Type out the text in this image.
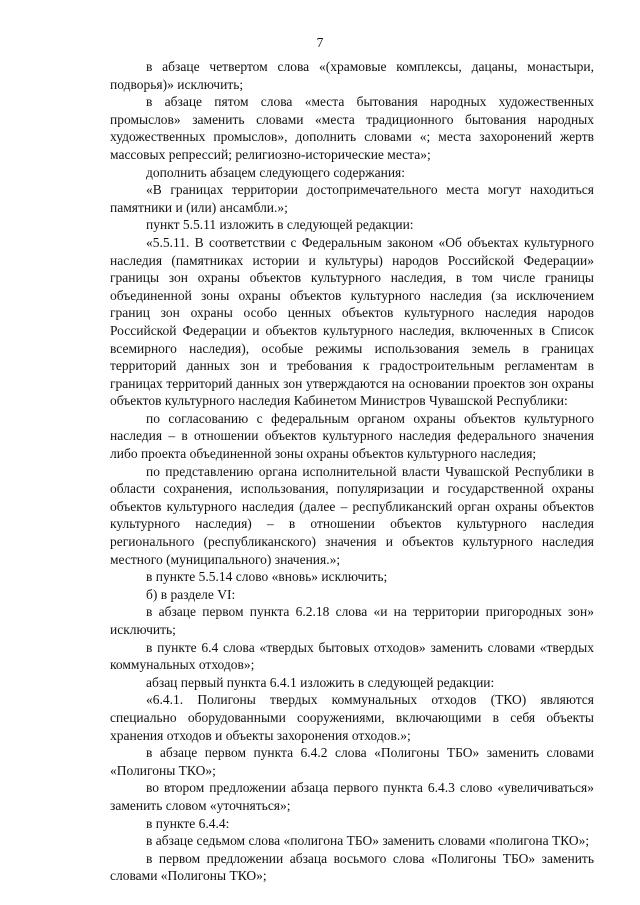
7

в абзаце четвертом слова «(храмовые комплексы, дацаны, монастыри, подворья)» исключить;

в абзаце пятом слова «места бытования народных художественных промыслов» заменить словами «места традиционного бытования народных художественных промыслов», дополнить словами «; места захоронений жертв массовых репрессий; религиозно-исторические места»;

дополнить абзацем следующего содержания:

«В границах территории достопримечательного места могут находиться памятники и (или) ансамбли.»;

пункт 5.5.11 изложить в следующей редакции:

«5.5.11. В соответствии с Федеральным законом «Об объектах культурного наследия (памятниках истории и культуры) народов Российской Федерации» границы зон охраны объектов культурного наследия, в том числе границы объединенной зоны охраны объектов культурного наследия (за исключением границ зон охраны особо ценных объектов культурного наследия народов Российской Федерации и объектов культурного наследия, включенных в Список всемирного наследия), особые режимы использования земель в границах территорий данных зон и требования к градостроительным регламентам в границах территорий данных зон утверждаются на основании проектов зон охраны объектов культурного наследия Кабинетом Министров Чувашской Республики:

по согласованию с федеральным органом охраны объектов культурного наследия – в отношении объектов культурного наследия федерального значения либо проекта объединенной зоны охраны объектов культурного наследия;

по представлению органа исполнительной власти Чувашской Республики в области сохранения, использования, популяризации и государственной охраны объектов культурного наследия (далее – республиканский орган охраны объектов культурного наследия) – в отношении объектов культурного наследия регионального (республиканского) значения и объектов культурного наследия местного (муниципального) значения.»;

в пункте 5.5.14 слово «вновь» исключить;

б) в разделе VI:

в абзаце первом пункта 6.2.18 слова «и на территории пригородных зон» исключить;

в пункте 6.4 слова «твердых бытовых отходов» заменить словами «твердых коммунальных отходов»;

абзац первый пункта 6.4.1 изложить в следующей редакции:

«6.4.1. Полигоны твердых коммунальных отходов (ТКО) являются специально оборудованными сооружениями, включающими в себя объекты хранения отходов и объекты захоронения отходов.»;

в абзаце первом пункта 6.4.2 слова «Полигоны ТБО» заменить словами «Полигоны ТКО»;

во втором предложении абзаца первого пункта 6.4.3 слово «увеличиваться» заменить словом «уточняться»;

в пункте 6.4.4:

в абзаце седьмом слова «полигона ТБО» заменить словами «полигона ТКО»;

в первом предложении абзаца восьмого слова «Полигоны ТБО» заменить словами «Полигоны ТКО»;
